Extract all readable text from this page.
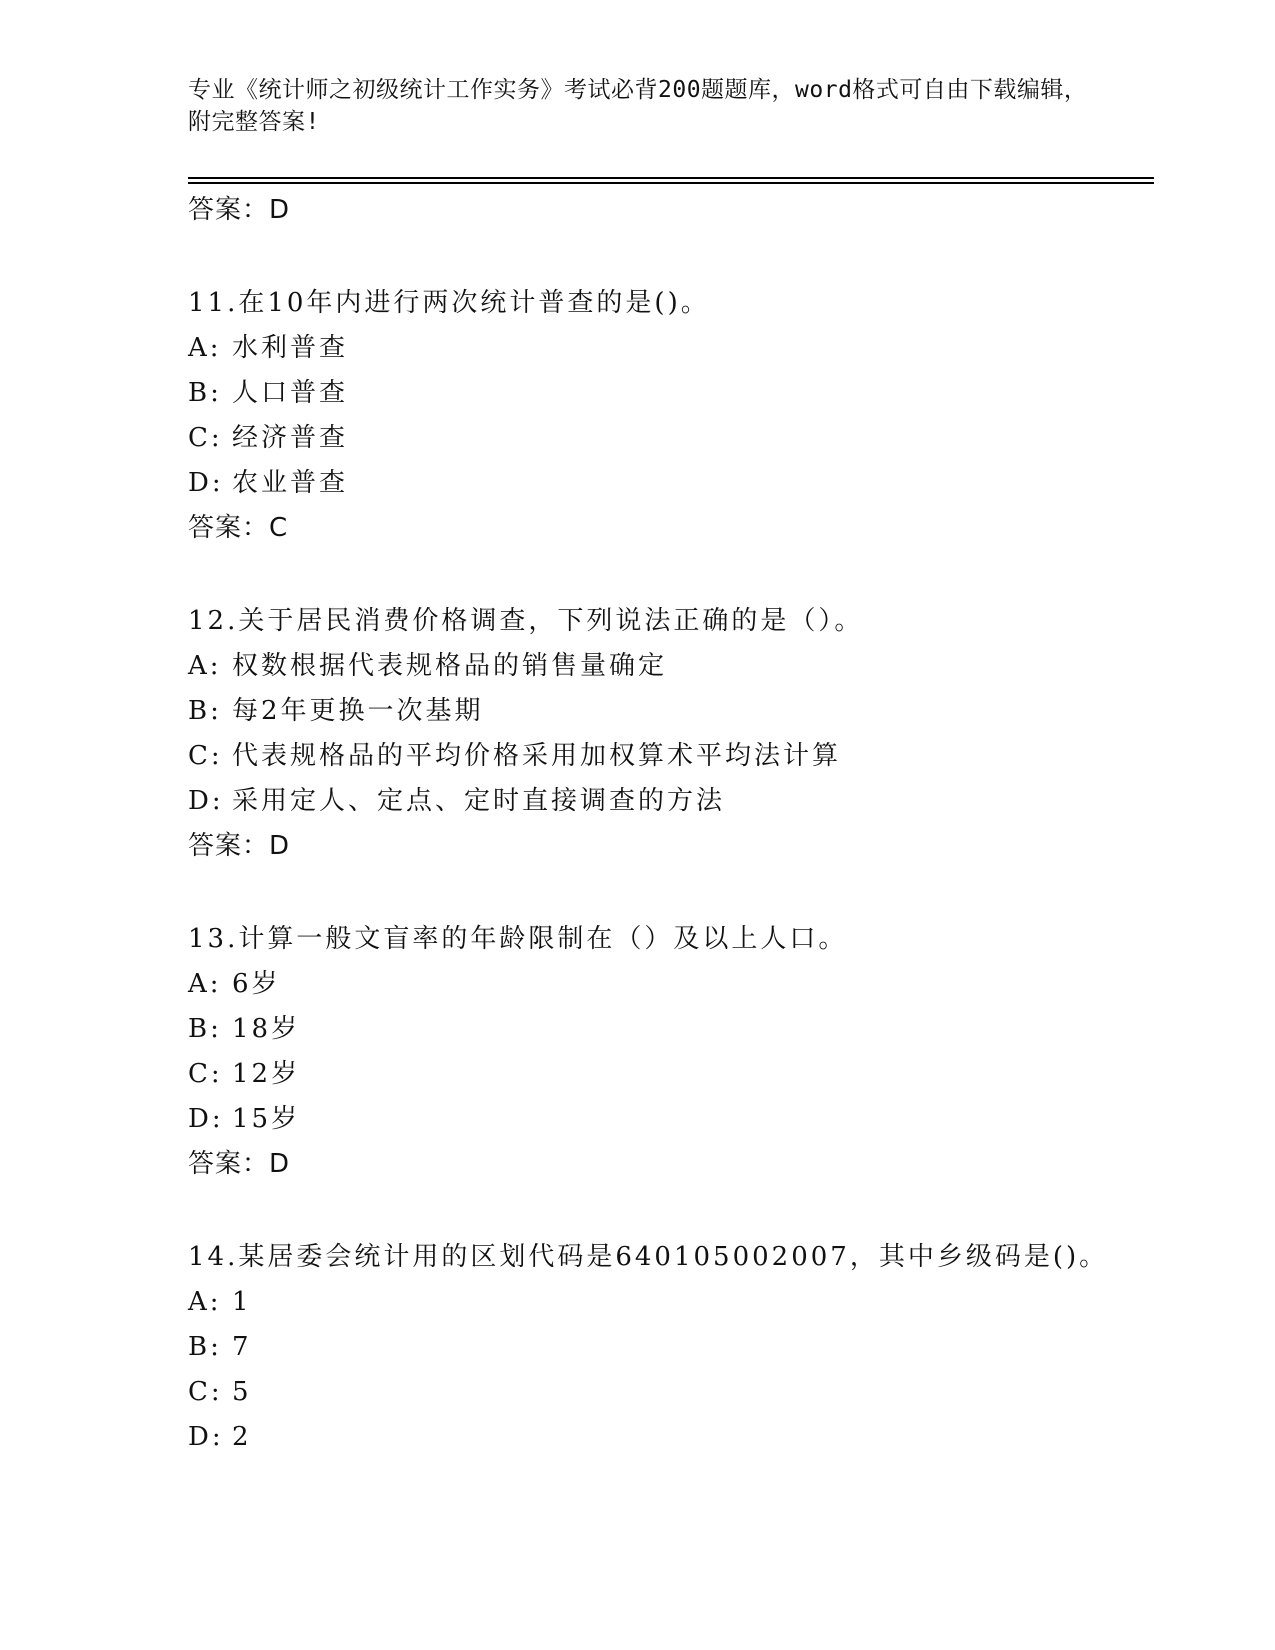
专业《统计师之初级统计工作实务》考试必背200题题库，word格式可自由下载编辑，附完整答案!
答案：D
11.在10年内进行两次统计普查的是()。
A: 水利普查
B: 人口普查
C: 经济普查
D: 农业普查
答案：C
12.关于居民消费价格调查，下列说法正确的是（）。
A: 权数根据代表规格品的销售量确定
B: 每2年更换一次基期
C: 代表规格品的平均价格采用加权算术平均法计算
D: 采用定人、定点、定时直接调查的方法
答案：D
13.计算一般文盲率的年龄限制在（）及以上人口。
A: 6岁
B: 18岁
C: 12岁
D: 15岁
答案：D
14.某居委会统计用的区划代码是640105002007，其中乡级码是()。
A: 1
B: 7
C: 5
D: 2
